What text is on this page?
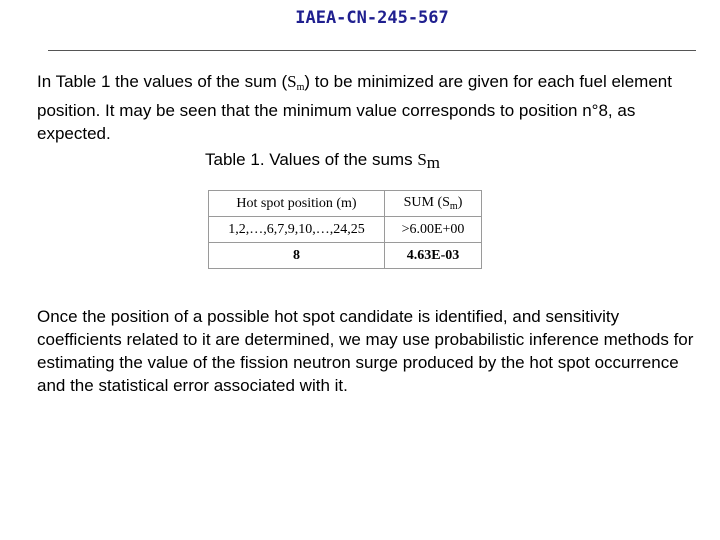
IAEA-CN-245-567

In Table 1 the values of the sum $(S_m)$ to be minimized are given for each fuel element position. It may be seen that the minimum value corresponds to position n°8, as expected.

Table 1. Values of the sums $S_m$
Hot spot position (m)	SUM $(S_m)$
1,2,…,6,7,9,10,…,24,25	>6.00E+00
8	4.63E-03

Once the position of a possible hot spot candidate is identified, and sensitivity coefficients related to it are determined, we may use probabilistic inference methods for estimating the value of the fission neutron surge produced by the hot spot occurrence and the statistical error associated with it.
